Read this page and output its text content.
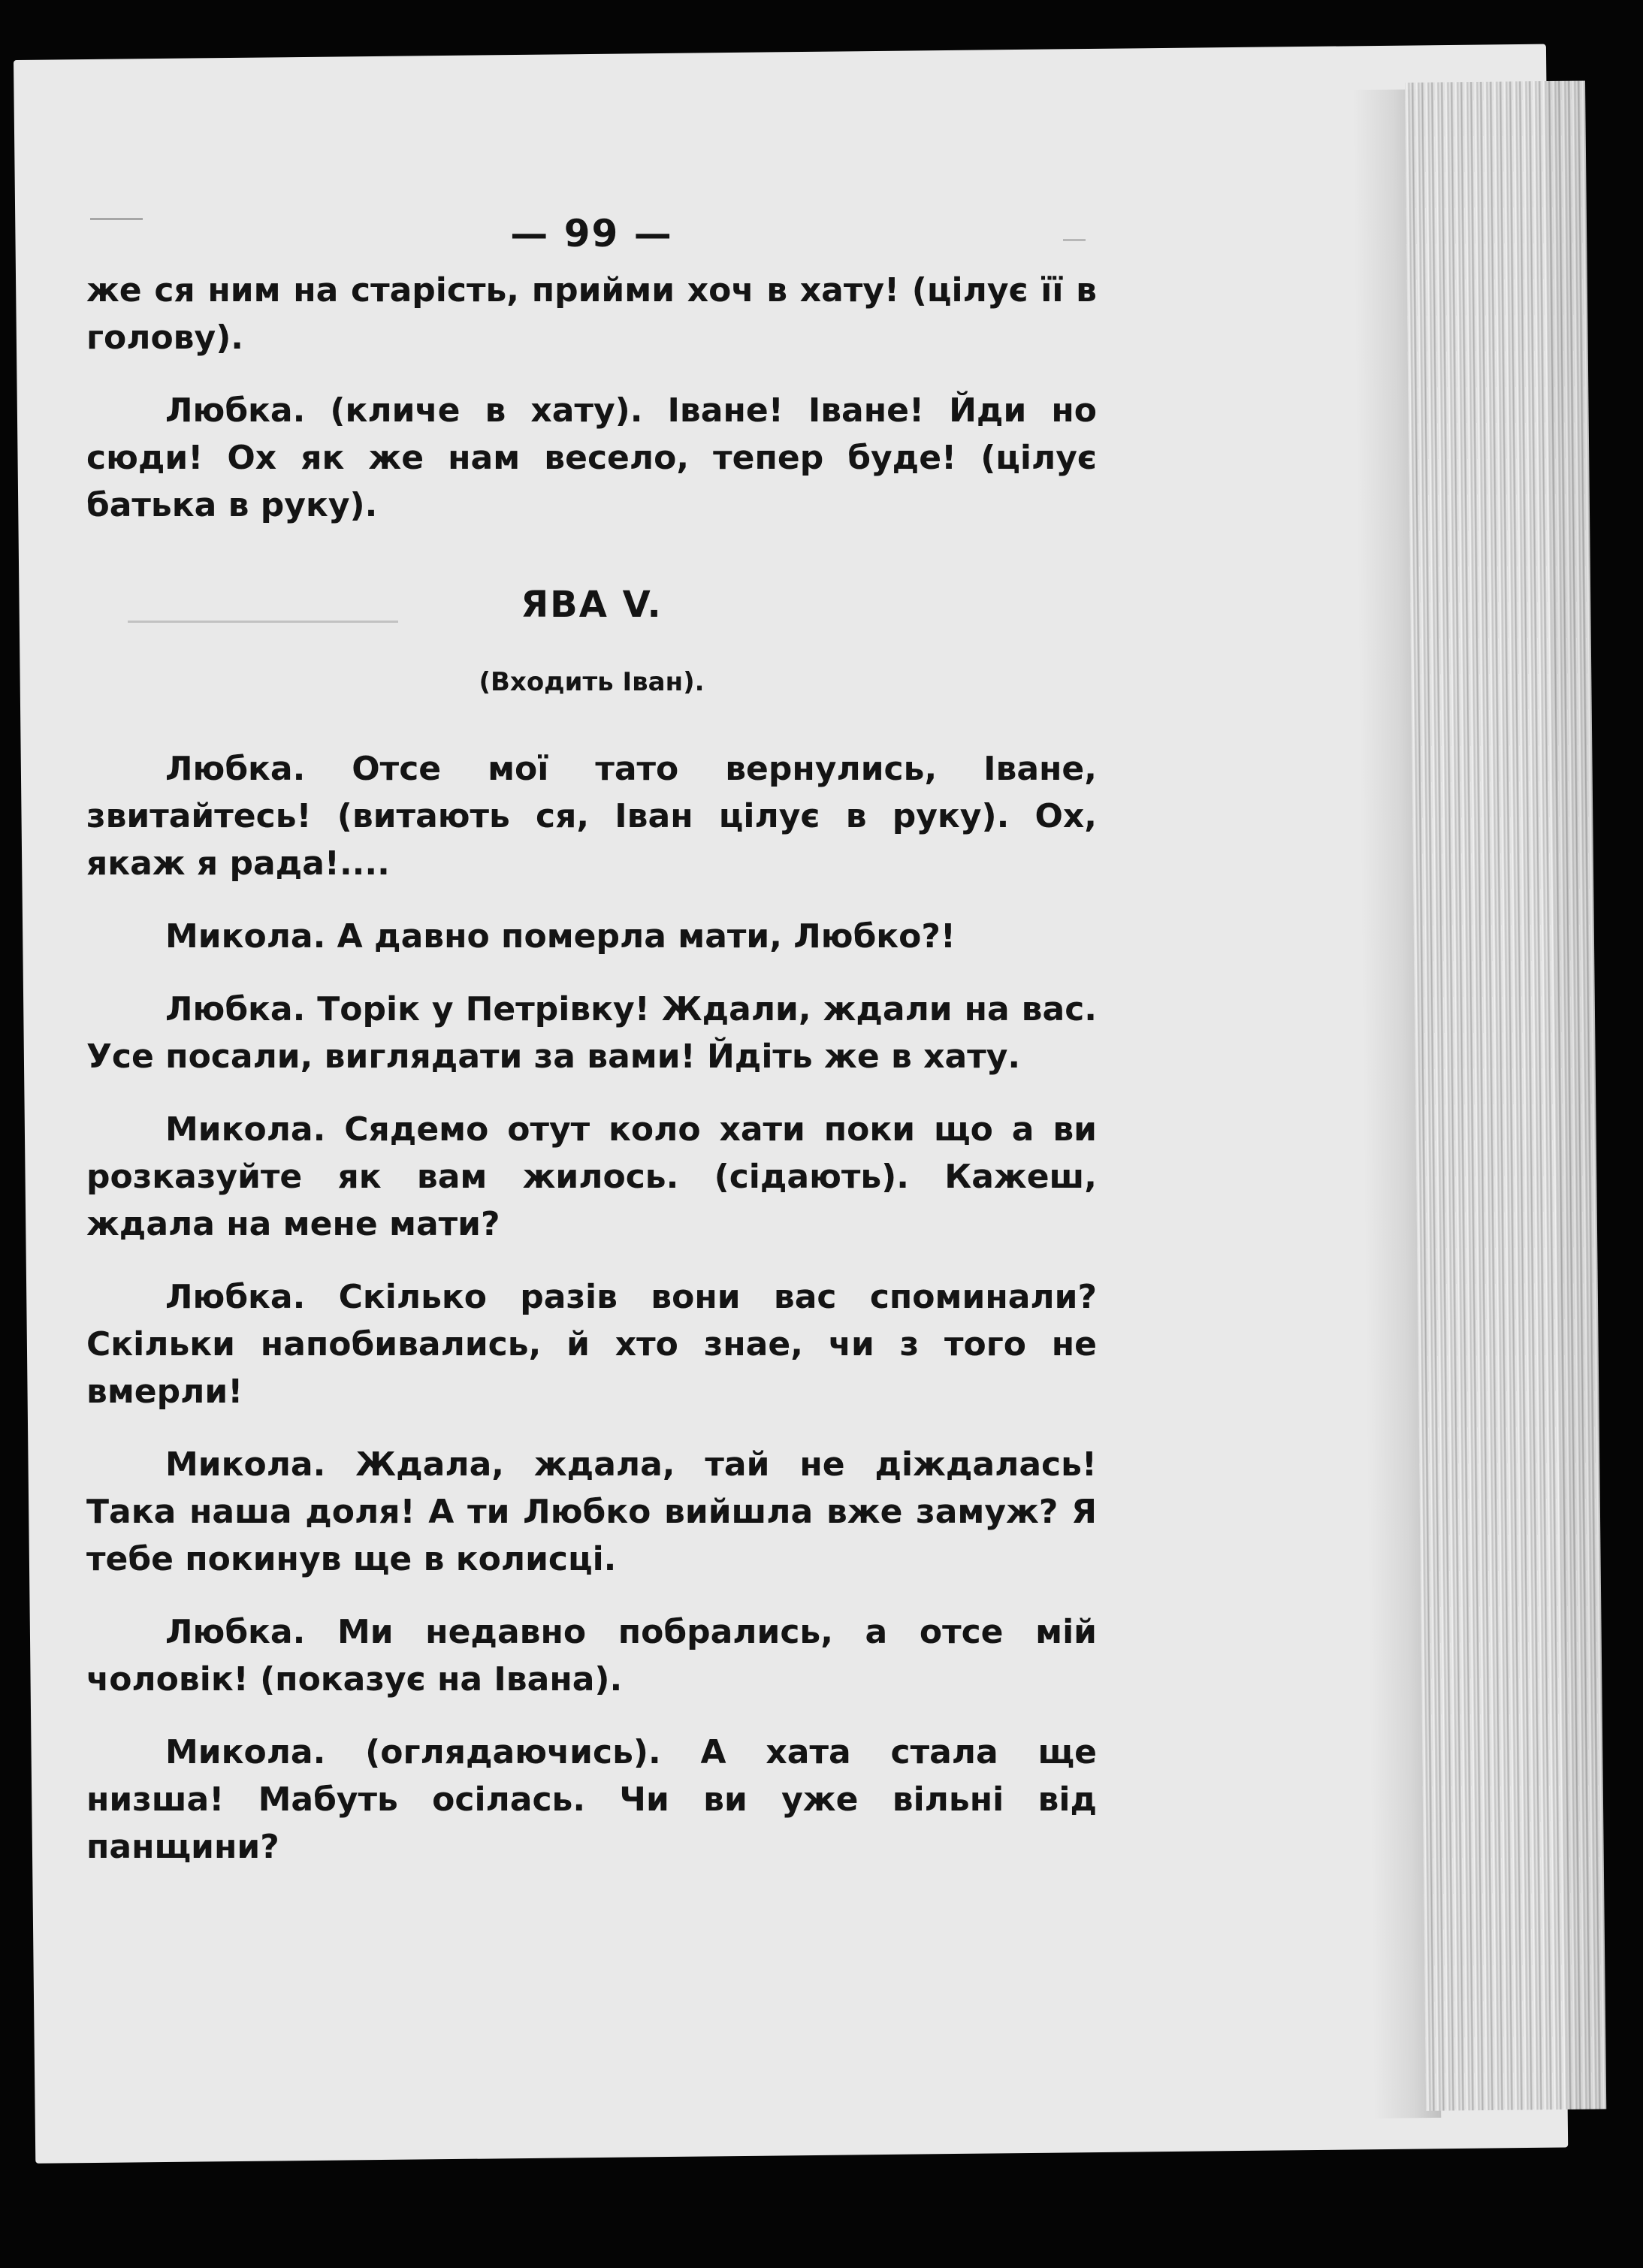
— 99 —

же ся ним на старість, прийми хоч в хату! (цілує її в голову).

Любка. (кличе в хату). Іване! Іване! Йди но сюди! Ох як же нам весело, тепер буде! (цілує батька в руку).

ЯВА V.
(Входить Іван).

Любка. Отсе мої тато вернулись, Іване, звитайтесь! (витають ся, Іван цілує в руку). Ох, якаж я рада!....

Микола. А давно померла мати, Любко?!

Любка. Торік у Петрівку! Ждали, ждали на вас. Усе посали, виглядати за вами! Йдіть же в хату.

Микола. Сядемо отут коло хати поки що а ви розказуйте як вам жилось. (сідають). Кажеш, ждала на мене мати?

Любка. Скілько разів вони вас споминали? Скільки напобивались, й хто знае, чи з того не вмерли!

Микола. Ждала, ждала, тай не діждалась! Така наша доля! А ти Любко вийшла вже замуж? Я тебе покинув ще в колисці.

Любка. Ми недавно побрались, а отсе мій чоловік! (показує на Івана).

Микола. (оглядаючись). А хата стала ще низша! Мабуть осілась. Чи ви уже вільні від панщини?
